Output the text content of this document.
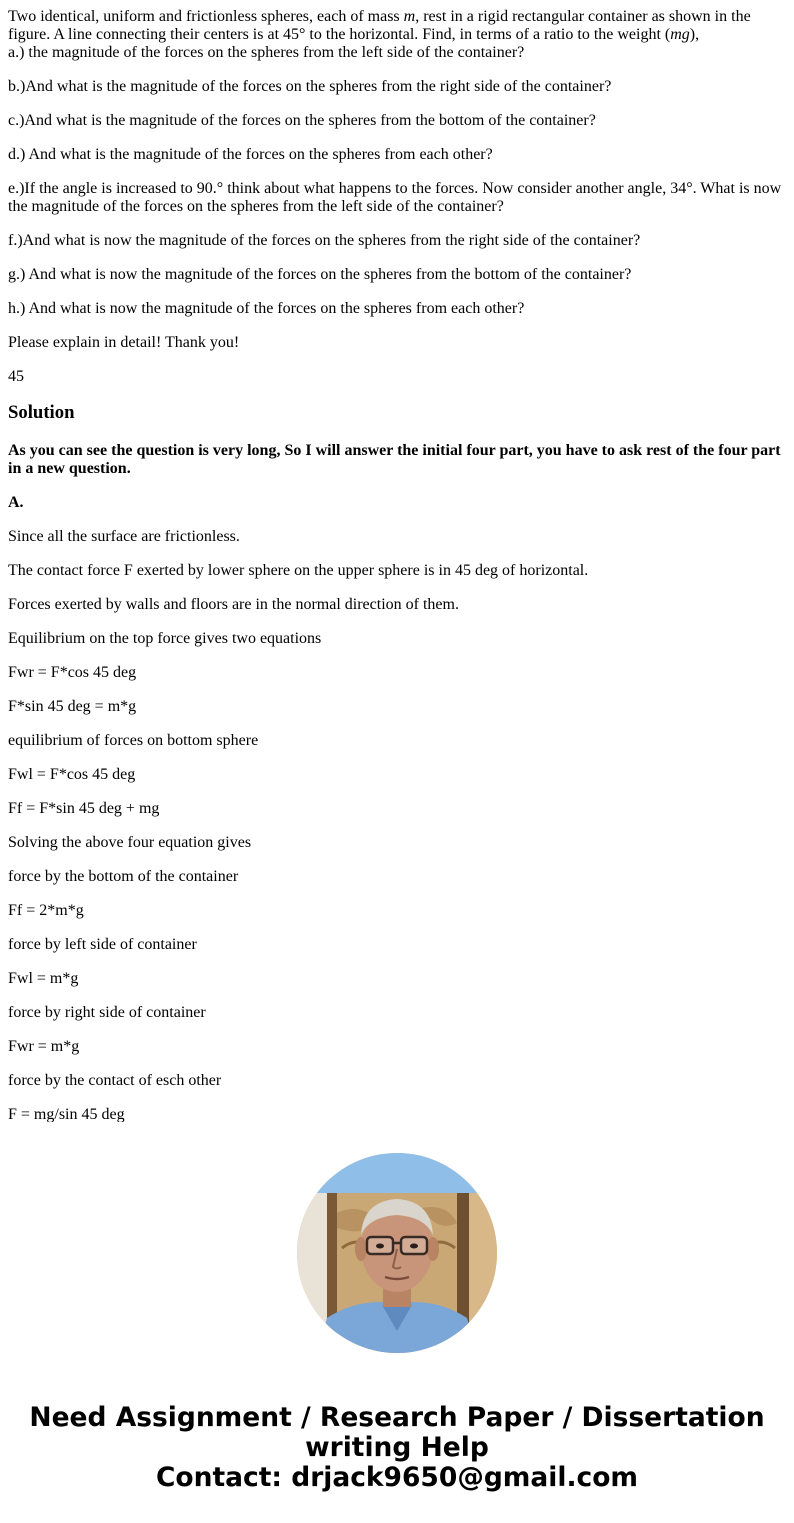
Two identical, uniform and frictionless spheres, each of mass m, rest in a rigid rectangular container as shown in the figure. A line connecting their centers is at 45° to the horizontal. Find, in terms of a ratio to the weight (mg),
a.) the magnitude of the forces on the spheres from the left side of the container?

b.)And what is the magnitude of the forces on the spheres from the right side of the container?

c.)And what is the magnitude of the forces on the spheres from the bottom of the container?

d.) And what is the magnitude of the forces on the spheres from each other?

e.)If the angle is increased to 90.° think about what happens to the forces. Now consider another angle, 34°. What is now the magnitude of the forces on the spheres from the left side of the container?

f.)And what is now the magnitude of the forces on the spheres from the right side of the container?

g.) And what is now the magnitude of the forces on the spheres from the bottom of the container?

h.) And what is now the magnitude of the forces on the spheres from each other?

Please explain in detail! Thank you!

45

Solution

As you can see the question is very long, So I will answer the initial four part, you have to ask rest of the four part in a new question.

A.

Since all the surface are frictionless.

The contact force F exerted by lower sphere on the upper sphere is in 45 deg of horizontal.

Forces exerted by walls and floors are in the normal direction of them.

Equilibrium on the top force gives two equations

Fwr = F*cos 45 deg

F*sin 45 deg = m*g

equilibrium of forces on bottom sphere

Fwl = F*cos 45 deg

Ff = F*sin 45 deg + mg

Solving the above four equation gives

force by the bottom of the container

Ff = 2*m*g

force by left side of container

Fwl = m*g

force by right side of container

Fwr = m*g

force by the contact of esch other

F = mg/sin 45 deg

Need Assignment / Research Paper / Dissertation
writing Help
Contact: drjack9650@gmail.com
